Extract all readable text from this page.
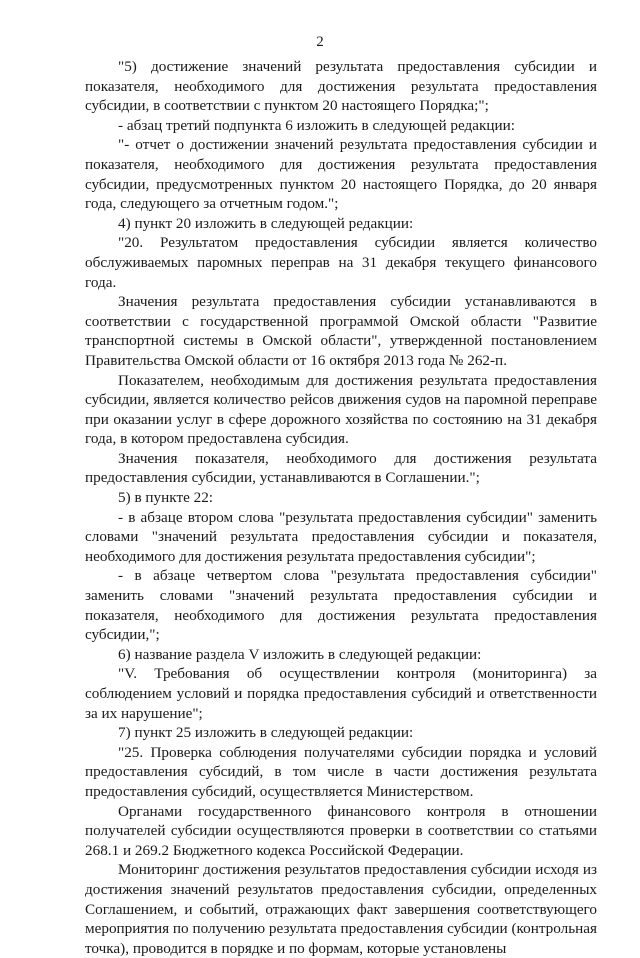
2

"5) достижение значений результата предоставления субсидии и показателя, необходимого для достижения результата предоставления субсидии, в соответствии с пунктом 20 настоящего Порядка;";

- абзац третий подпункта 6 изложить в следующей редакции:

"- отчет о достижении значений результата предоставления субсидии и показателя, необходимого для достижения результата предоставления субсидии, предусмотренных пунктом 20 настоящего Порядка, до 20 января года, следующего за отчетным годом.";

4) пункт 20 изложить в следующей редакции:

"20. Результатом предоставления субсидии является количество обслуживаемых паромных переправ на 31 декабря текущего финансового года.

Значения результата предоставления субсидии устанавливаются в соответствии с государственной программой Омской области "Развитие транспортной системы в Омской области", утвержденной постановлением Правительства Омской области от 16 октября 2013 года № 262-п.

Показателем, необходимым для достижения результата предоставления субсидии, является количество рейсов движения судов на паромной переправе при оказании услуг в сфере дорожного хозяйства по состоянию на 31 декабря года, в котором предоставлена субсидия.

Значения показателя, необходимого для достижения результата предоставления субсидии, устанавливаются в Соглашении.";

5) в пункте 22:

- в абзаце втором слова "результата предоставления субсидии" заменить словами "значений результата предоставления субсидии и показателя, необходимого для достижения результата предоставления субсидии";

- в абзаце четвертом слова "результата предоставления субсидии" заменить словами "значений результата предоставления субсидии и показателя, необходимого для достижения результата предоставления субсидии,";

6) название раздела V изложить в следующей редакции:

"V. Требования об осуществлении контроля (мониторинга) за соблюдением условий и порядка предоставления субсидий и ответственности за их нарушение";

7) пункт 25 изложить в следующей редакции:

"25. Проверка соблюдения получателями субсидии порядка и условий предоставления субсидий, в том числе в части достижения результата предоставления субсидий, осуществляется Министерством.

Органами государственного финансового контроля в отношении получателей субсидии осуществляются проверки в соответствии со статьями 268.1 и 269.2 Бюджетного кодекса Российской Федерации.

Мониторинг достижения результатов предоставления субсидии исходя из достижения значений результатов предоставления субсидии, определенных Соглашением, и событий, отражающих факт завершения соответствующего мероприятия по получению результата предоставления субсидии (контрольная точка), проводится в порядке и по формам, которые установлены
